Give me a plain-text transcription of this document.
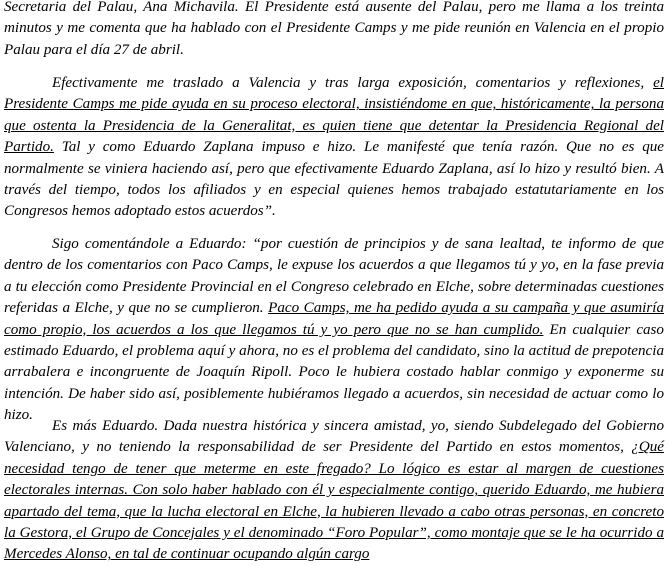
Secretaria del Palau, Ana Michavila. El Presidente está ausente del Palau, pero me llama a los treinta minutos y me comenta que ha hablado con el Presidente Camps y me pide reunión en Valencia en el propio Palau para el día 27 de abril.

Efectivamente me traslado a Valencia y tras larga exposición, comentarios y reflexiones, el Presidente Camps me pide ayuda en su proceso electoral, insistiéndome en que, históricamente, la persona que ostenta la Presidencia de la Generalitat, es quien tiene que detentar la Presidencia Regional del Partido. Tal y como Eduardo Zaplana impuso e hizo. Le manifesté que tenía razón. Que no es que normalmente se viniera haciendo así, pero que efectivamente Eduardo Zaplana, así lo hizo y resultó bien. A través del tiempo, todos los afiliados y en especial quienes hemos trabajado estatutariamente en los Congresos hemos adoptado estos acuerdos”.

Sigo comentándole a Eduardo: “por cuestión de principios y de sana lealtad, te informo de que dentro de los comentarios con Paco Camps, le expuse los acuerdos a que llegamos tú y yo, en la fase previa a tu elección como Presidente Provincial en el Congreso celebrado en Elche, sobre determinadas cuestiones referidas a Elche, y que no se cumplieron. Paco Camps, me ha pedido ayuda a su campaña y que asumiría como propio, los acuerdos a los que llegamos tú y yo pero que no se han cumplido. En cualquier caso estimado Eduardo, el problema aquí y ahora, no es el problema del candidato, sino la actitud de prepotencia arrabalera e incongruente de Joaquín Ripoll. Poco le hubiera costado hablar conmigo y exponerme su intención. De haber sido así, posiblemente hubiéramos llegado a acuerdos, sin necesidad de actuar como lo hizo.

Es más Eduardo. Dada nuestra histórica y sincera amistad, yo, siendo Subdelegado del Gobierno Valenciano, y no teniendo la responsabilidad de ser Presidente del Partido en estos momentos, ¿Qué necesidad tengo de tener que meterme en este fregado? Lo lógico es estar al margen de cuestiones electorales internas. Con solo haber hablado con él y especialmente contigo, querido Eduardo, me hubiera apartado del tema, que la lucha electoral en Elche, la hubieren llevado a cabo otras personas, en concreto la Gestora, el Grupo de Concejales y el denominado “Foro Popular”, como montaje que se le ha ocurrido a Mercedes Alonso, en tal de continuar ocupando algún cargo
